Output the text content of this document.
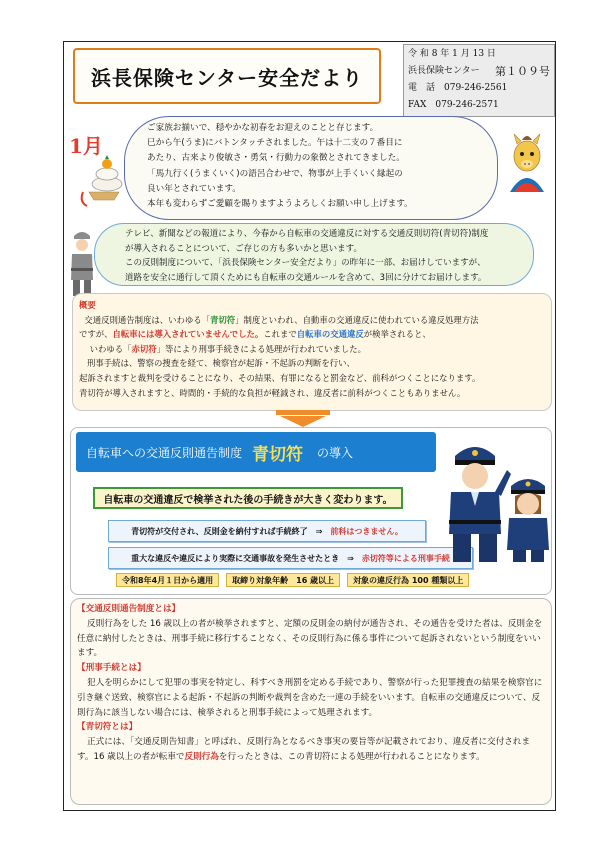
浜長保険センター安全だより
令 和 8 年 1 月 13 日
浜長保険センター 第１０９号
電　話　079-246-2561
FAX　079-246-2571
1月
ご家族お揃いで、穏やかな初春をお迎えのことと存じます。
巳から午(うま)にバトンタッチされました。午は十二支の７番目に
あたり、古来より俊敏さ・勇気・行動力の象徴とされてきました。
「馬九行く(うまくいく)の語呂合わせで、物事が上手くいく縁起の
良い年とされています。
本年も変わらずご愛顧を賜りますようよろしくお願い申し上げます。
テレビ、新聞などの報道により、今春から自転車の交通違反に対する交通反則切符(青切符)制度
が導入されることについて、ご存じの方も多いかと思います。
この反則制度について、「浜長保険センター安全だより」の昨年に一部、お届けしていますが、
道路を安全に通行して頂くためにも自転車の交通ルールを含めて、3回に分けてお届けします。
概要
交通反則通告制度は、いわゆる「青切符」制度といわれ、自動車の交通違反に使われている違反処理方法
ですが、自転車には導入されていませんでした。これまで自転車の交通違反が検挙されると、
いわゆる「赤切符」等により刑事手続きによる処理が行われていました。
刑事手続は、警察の捜査を経て、検察官が起訴・不起訴の判断を行い、
起訴されますと裁判を受けることになり、その結果、有罪になると罰金など、前科がつくことになります。
青切符が導入されますと、時間的・手続的な負担が軽減され、違反者に前科がつくこともありません。
自転車への交通反則通告制度 青切符 の導入
自転車の交通違反で検挙された後の手続きが大きく変わります。
青切符が交付され、反則金を納付すれば手続終了　⇒　 前科はつきません。
重大な違反や違反により実際に交通事故を発生させたとき　⇒　 赤切符等による刑事手続
令和8年4月１日から適用	取締り対象年齢　16 歳以上	対象の違反行為 100 種類以上
【交通反則通告制度とは】

反則行為をした 16 歳以上の者が検挙されますと、定額の反則金の納付が通告され、その通告を受けた者は、反則金を任意に納付したときは、刑事手続に移行することなく、その反則行為に係る事件について起訴されないという制度をいいます。

【刑事手続とは】

犯人を明らかにして犯罪の事実を特定し、科すべき刑罰を定める手続であり、警察が行った犯罪捜査の結果を検察官に引き継ぐ送致、検察官による起訴・不起訴の判断や裁判を含めた一連の手続をいいます。自転車の交通違反について、反則行為に該当しない場合には、検挙されると刑事手続によって処理されます。

【青切符とは】

正式には、「交通反則告知書」と呼ばれ、反則行為となるべき事実の要旨等が記載されており、違反者に交付されます。16 歳以上の者が転車で反則行為を行ったときは、この青切符による処理が行われることになります。
